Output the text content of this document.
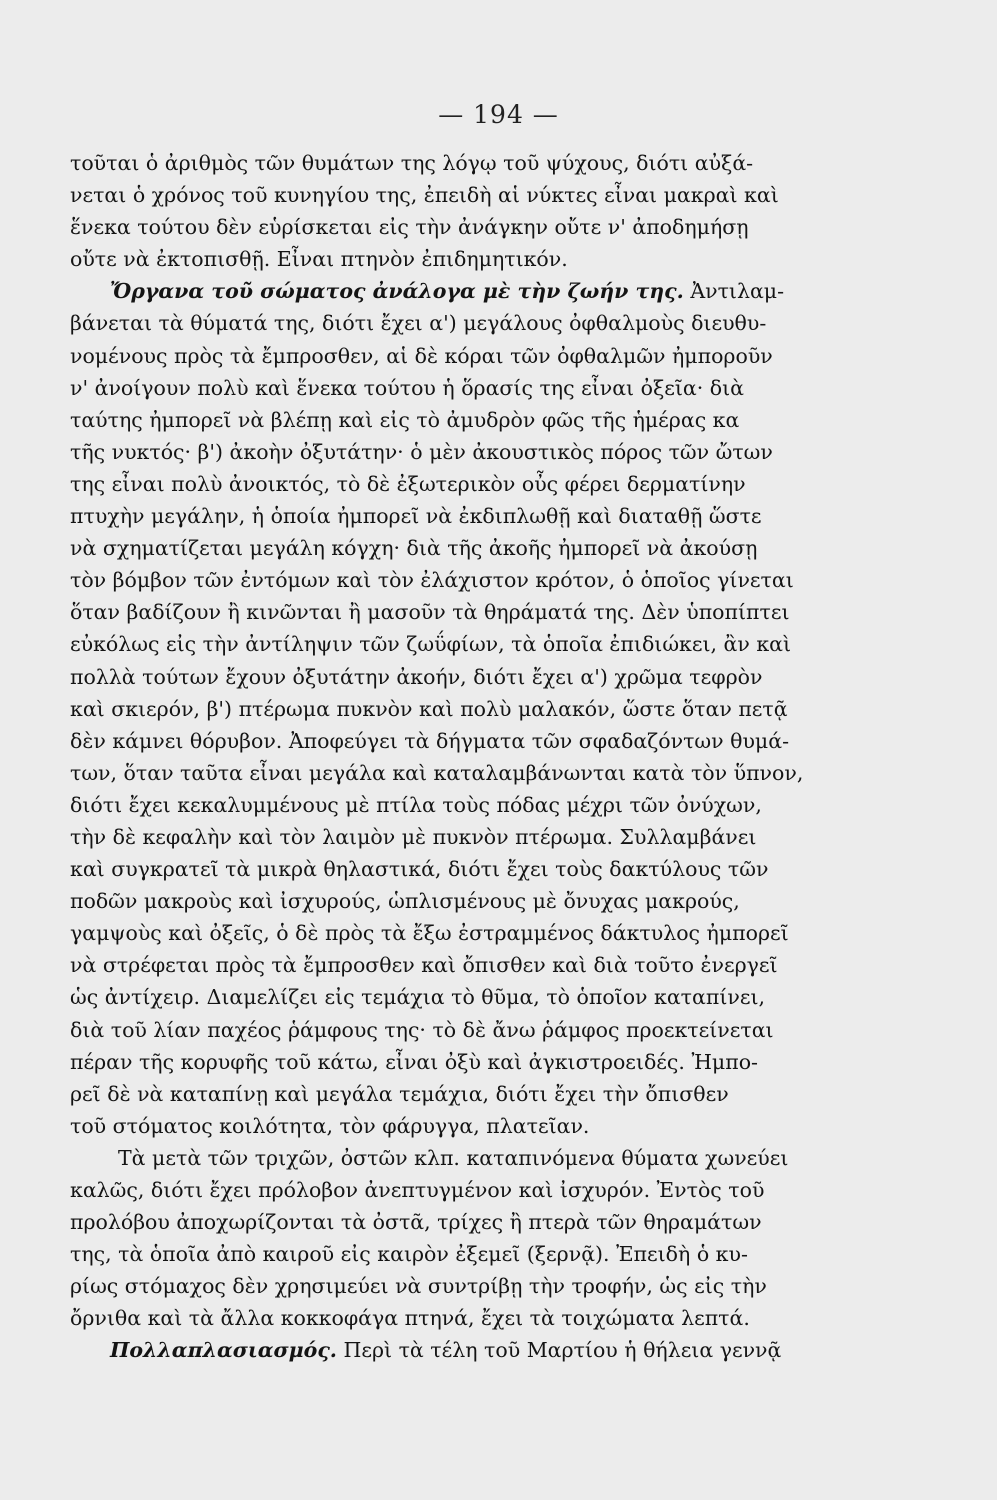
— 194 —
τοῦται ὁ ἀριθμὸς τῶν θυμάτων της λόγῳ τοῦ ψύχους, διότι αὐξά-
νεται ὁ χρόνος τοῦ κυνηγίου της, ἐπειδὴ αἱ νύκτες εἶναι μακραὶ καὶ
ἕνεκα τούτου δὲν εὑρίσκεται εἰς τὴν ἀνάγκην οὔτε ν' ἀποδημήσῃ
οὔτε νὰ ἐκτοπισθῇ. Εἶναι πτηνὸν ἐπιδημητικόν.
Ὄργανα τοῦ σώματος ἀνάλογα μὲ τὴν ζωήν της. Ἀντιλαμ-
βάνεται τὰ θύματά της, διότι ἔχει α') μεγάλους ὀφθαλμοὺς διευθυ-
νομένους πρὸς τὰ ἔμπροσθεν, αἱ δὲ κόραι τῶν ὀφθαλμῶν ἠμποροῦν
ν' ἀνοίγουν πολὺ καὶ ἕνεκα τούτου ἡ ὅρασίς της εἶναι ὀξεῖα· διὰ
ταύτης ἠμπορεῖ νὰ βλέπῃ καὶ εἰς τὸ ἀμυδρὸν φῶς τῆς ἡμέρας κα
τῆς νυκτός· β') ἀκοὴν ὀξυτάτην· ὁ μὲν ἀκουστικὸς πόρος τῶν ὤτων
της εἶναι πολὺ ἀνοικτός, τὸ δὲ ἐξωτερικὸν οὖς φέρει δερματίνην
πτυχὴν μεγάλην, ἡ ὁποία ἠμπορεῖ νὰ ἐκδιπλωθῇ καὶ διαταθῇ ὥστε
νὰ σχηματίζεται μεγάλη κόγχη· διὰ τῆς ἀκοῆς ἠμπορεῖ νὰ ἀκούσῃ
τὸν βόμβον τῶν ἐντόμων καὶ τὸν ἐλάχιστον κρότον, ὁ ὁποῖος γίνεται
ὅταν βαδίζουν ἢ κινῶνται ἢ μασοῦν τὰ θηράματά της. Δὲν ὑποπίπτει
εὐκόλως εἰς τὴν ἀντίληψιν τῶν ζωΰφίων, τὰ ὁποῖα ἐπιδιώκει, ἂν καὶ
πολλὰ τούτων ἔχουν ὀξυτάτην ἀκοήν, διότι ἔχει α') χρῶμα τεφρὸν
καὶ σκιερόν, β') πτέρωμα πυκνὸν καὶ πολὺ μαλακόν, ὥστε ὅταν πετᾷ
δὲν κάμνει θόρυβον. Ἀποφεύγει τὰ δήγματα τῶν σφαδαζόντων θυμά-
των, ὅταν ταῦτα εἶναι μεγάλα καὶ καταλαμβάνωνται κατὰ τὸν ὕπνον,
διότι ἔχει κεκαλυμμένους μὲ πτίλα τοὺς πόδας μέχρι τῶν ὀνύχων,
τὴν δὲ κεφαλὴν καὶ τὸν λαιμὸν μὲ πυκνὸν πτέρωμα. Συλλαμβάνει
καὶ συγκρατεῖ τὰ μικρὰ θηλαστικά, διότι ἔχει τοὺς δακτύλους τῶν
ποδῶν μακροὺς καὶ ἰσχυρούς, ὡπλισμένους μὲ ὄνυχας μακρούς,
γαμψοὺς καὶ ὀξεῖς, ὁ δὲ πρὸς τὰ ἔξω ἐστραμμένος δάκτυλος ἠμπορεῖ
νὰ στρέφεται πρὸς τὰ ἔμπροσθεν καὶ ὄπισθεν καὶ διὰ τοῦτο ἐνεργεῖ
ὡς ἀντίχειρ. Διαμελίζει εἰς τεμάχια τὸ θῦμα, τὸ ὁποῖον καταπίνει,
διὰ τοῦ λίαν παχέος ῥάμφους της· τὸ δὲ ἄνω ῥάμφος προεκτείνεται
πέραν τῆς κορυφῆς τοῦ κάτω, εἶναι ὀξὺ καὶ ἀγκιστροειδές. Ἠμπο-
ρεῖ δὲ νὰ καταπίνῃ καὶ μεγάλα τεμάχια, διότι ἔχει τὴν ὄπισθεν
τοῦ στόματος κοιλότητα, τὸν φάρυγγα, πλατεῖαν.
Τὰ μετὰ τῶν τριχῶν, ὀστῶν κλπ. καταπινόμενα θύματα χωνεύει
καλῶς, διότι ἔχει πρόλοβον ἀνεπτυγμένον καὶ ἰσχυρόν. Ἐντὸς τοῦ
προλόβου ἀποχωρίζονται τὰ ὀστᾶ, τρίχες ἢ πτερὰ τῶν θηραμάτων
της, τὰ ὁποῖα ἀπὸ καιροῦ εἰς καιρὸν ἐξεμεῖ (ξερνᾷ). Ἐπειδὴ ὁ κυ-
ρίως στόμαχος δὲν χρησιμεύει νὰ συντρίβῃ τὴν τροφήν, ὡς εἰς τὴν
ὄρνιθα καὶ τὰ ἄλλα κοκκοφάγα πτηνά, ἔχει τὰ τοιχώματα λεπτά.
Πολλαπλασιασμός. Περὶ τὰ τέλη τοῦ Μαρτίου ἡ θήλεια γεννᾷ
